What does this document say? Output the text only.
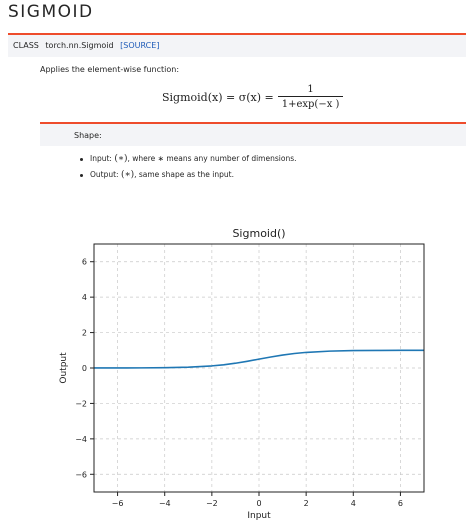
SIGMOID
CLASS torch.nn.Sigmoid [SOURCE]
Applies the element-wise function:
Sigmoid(x) = $\sigma(x) = \frac{1}{1+\exp(-x )}$
Shape:
Input: (∗), where ∗ means any number of dimensions.
Output: (∗), same shape as the input.
−6	−4	−2	0	2	4	6
−6
−4
−2
0
2
4
6
Sigmoid()
Input
Output
